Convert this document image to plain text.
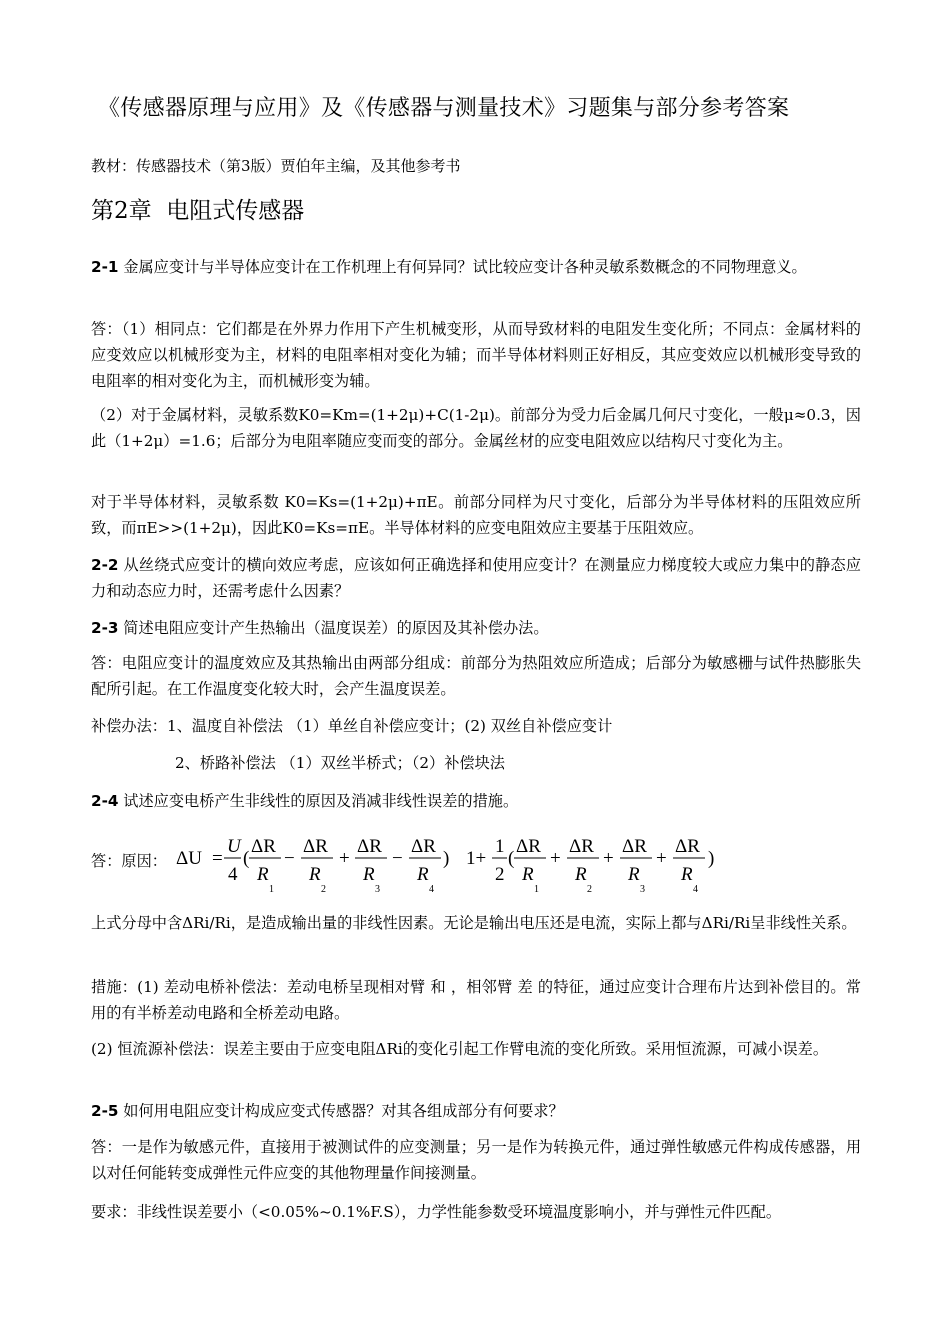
《传感器原理与应用》及《传感器与测量技术》习题集与部分参考答案
教材：传感器技术（第3版）贾伯年主编，及其他参考书
第2章 电阻式传感器
2-1 金属应变计与半导体应变计在工作机理上有何异同？试比较应变计各种灵敏系数概念的不同物理意义。
答：（1）相同点：它们都是在外界力作用下产生机械变形，从而导致材料的电阻发生变化所；不同点：金属材料的应变效应以机械形变为主，材料的电阻率相对变化为辅；而半导体材料则正好相反，其应变效应以机械形变导致的电阻率的相对变化为主，而机械形变为辅。
（2）对于金属材料，灵敏系数K0=Km=(1+2μ)+C(1-2μ)。前部分为受力后金属几何尺寸变化，一般μ≈0.3，因此（1+2μ）=1.6；后部分为电阻率随应变而变的部分。金属丝材的应变电阻效应以结构尺寸变化为主。
对于半导体材料，灵敏系数 K0=Ks=(1+2μ)+πE。前部分同样为尺寸变化，后部分为半导体材料的压阻效应所致，而πE>>(1+2μ)，因此K0=Ks=πE。半导体材料的应变电阻效应主要基于压阻效应。
2-2 从丝绕式应变计的横向效应考虑，应该如何正确选择和使用应变计？在测量应力梯度较大或应力集中的静态应力和动态应力时，还需考虑什么因素？
2-3 简述电阻应变计产生热输出（温度误差）的原因及其补偿办法。
答：电阻应变计的温度效应及其热输出由两部分组成：前部分为热阻效应所造成；后部分为敏感栅与试件热膨胀失配所引起。在工作温度变化较大时，会产生温度误差。
补偿办法：1、温度自补偿法 （1）单丝自补偿应变计；(2) 双丝自补偿应变计
2、桥路补偿法 （1）双丝半桥式；（2）补偿块法
2-4 试述应变电桥产生非线性的原因及消减非线性误差的措施。
答：原因： ΔU =
U
4
(
ΔR
R
1
−
ΔR
R
2
+
ΔR
R
3
−
ΔR
R
4
) 1+
1
2
(
ΔR
R
1
+
ΔR
R
2
+
ΔR
R
3
+
ΔR
R
4
)
上式分母中含ΔRi/Ri，是造成输出量的非线性因素。无论是输出电压还是电流，实际上都与ΔRi/Ri呈非线性关系。
措施：(1) 差动电桥补偿法：差动电桥呈现相对臂 和 ，相邻臂 差 的特征，通过应变计合理布片达到补偿目的。常用的有半桥差动电路和全桥差动电路。
(2) 恒流源补偿法：误差主要由于应变电阻ΔRi的变化引起工作臂电流的变化所致。采用恒流源，可减小误差。
2-5 如何用电阻应变计构成应变式传感器？对其各组成部分有何要求？
答：一是作为敏感元件，直接用于被测试件的应变测量；另一是作为转换元件，通过弹性敏感元件构成传感器，用以对任何能转变成弹性元件应变的其他物理量作间接测量。
要求：非线性误差要小（<0.05%~0.1%F.S），力学性能参数受环境温度影响小，并与弹性元件匹配。
